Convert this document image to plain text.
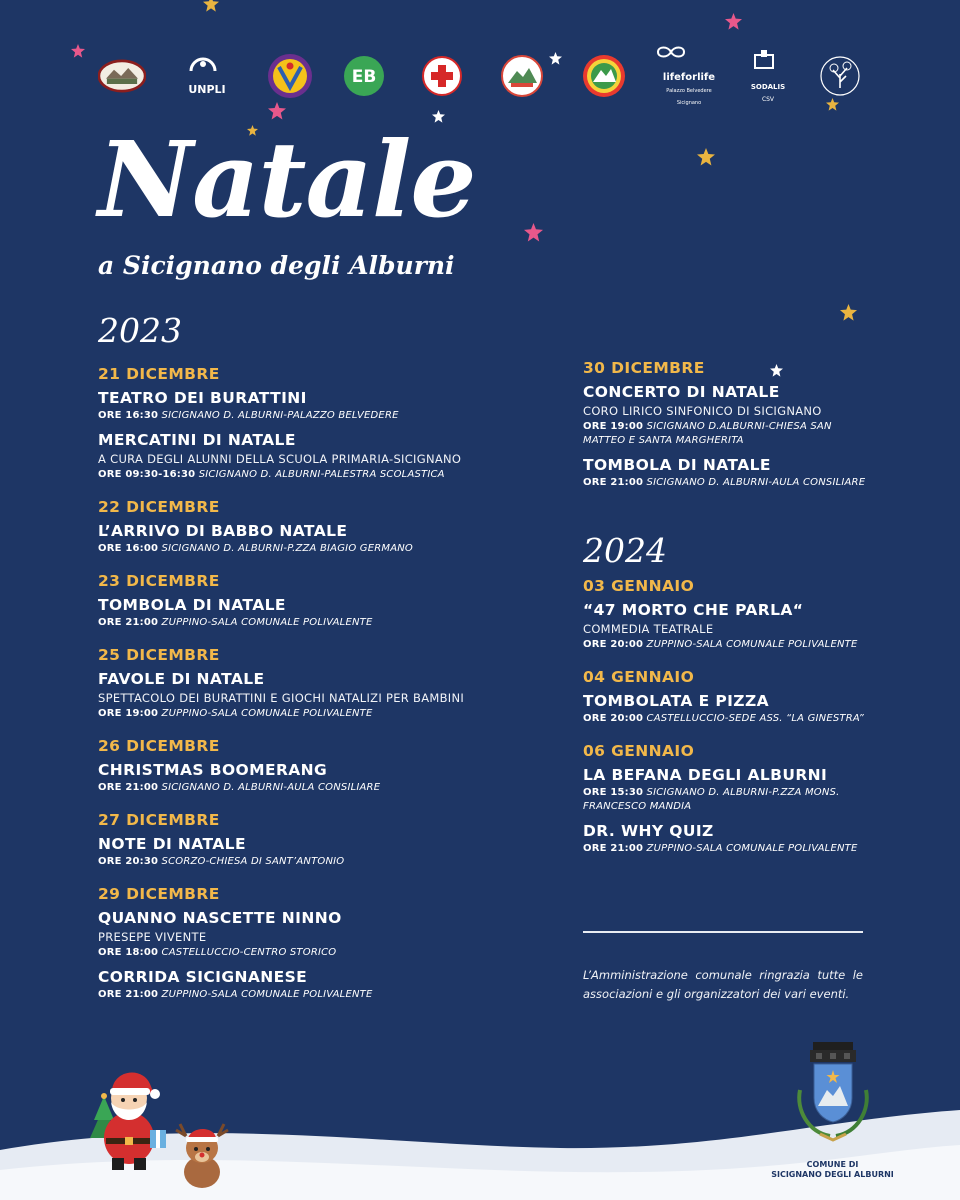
UNPLI
EB	lifeforlife
Palazzo Belvedere Sicignano

SODALIS
CSV
Natale
a Sicignano degli Alburni
2023
21 DICEMBRE
TEATRO DEI BURATTINI
ORE 16:30 SICIGNANO D. ALBURNI-PALAZZO BELVEDERE
MERCATINI DI NATALE
A CURA DEGLI ALUNNI DELLA SCUOLA PRIMARIA-SICIGNANO
ORE 09:30-16:30 SICIGNANO D. ALBURNI-PALESTRA SCOLASTICA
22 DICEMBRE
L’ARRIVO DI BABBO NATALE
ORE 16:00 SICIGNANO D. ALBURNI-P.ZZA BIAGIO GERMANO
23 DICEMBRE
TOMBOLA DI NATALE
ORE 21:00 ZUPPINO-SALA COMUNALE POLIVALENTE
25 DICEMBRE
FAVOLE DI NATALE
SPETTACOLO DEI BURATTINI E GIOCHI NATALIZI PER BAMBINI
ORE 19:00 ZUPPINO-SALA COMUNALE POLIVALENTE
26 DICEMBRE
CHRISTMAS BOOMERANG
ORE 21:00 SICIGNANO D. ALBURNI-AULA CONSILIARE
27 DICEMBRE
NOTE DI NATALE
ORE 20:30 SCORZO-CHIESA DI SANT’ANTONIO
29 DICEMBRE
QUANNO NASCETTE NINNO
PRESEPE VIVENTE
ORE 18:00 CASTELLUCCIO-CENTRO STORICO
CORRIDA SICIGNANESE
ORE 21:00 ZUPPINO-SALA COMUNALE POLIVALENTE
30 DICEMBRE
CONCERTO DI NATALE
CORO LIRICO SINFONICO DI SICIGNANO
ORE 19:00 SICIGNANO D.ALBURNI-CHIESA SAN MATTEO E SANTA MARGHERITA
TOMBOLA DI NATALE
ORE 21:00 SICIGNANO D. ALBURNI-AULA CONSILIARE
2024
03 GENNAIO
“47 MORTO CHE PARLA“
COMMEDIA TEATRALE
ORE 20:00 ZUPPINO-SALA COMUNALE POLIVALENTE
04 GENNAIO
TOMBOLATA E PIZZA
ORE 20:00 CASTELLUCCIO-SEDE ASS. “LA GINESTRA”
06 GENNAIO
LA BEFANA DEGLI ALBURNI
ORE 15:30 SICIGNANO D. ALBURNI-P.ZZA MONS. FRANCESCO MANDIA
DR. WHY QUIZ
ORE 21:00 ZUPPINO-SALA COMUNALE POLIVALENTE

L’Amministrazione comunale ringrazia tutte le associazioni e gli organizzatori dei vari eventi.

COMUNE DI
SICIGNANO DEGLI ALBURNI
